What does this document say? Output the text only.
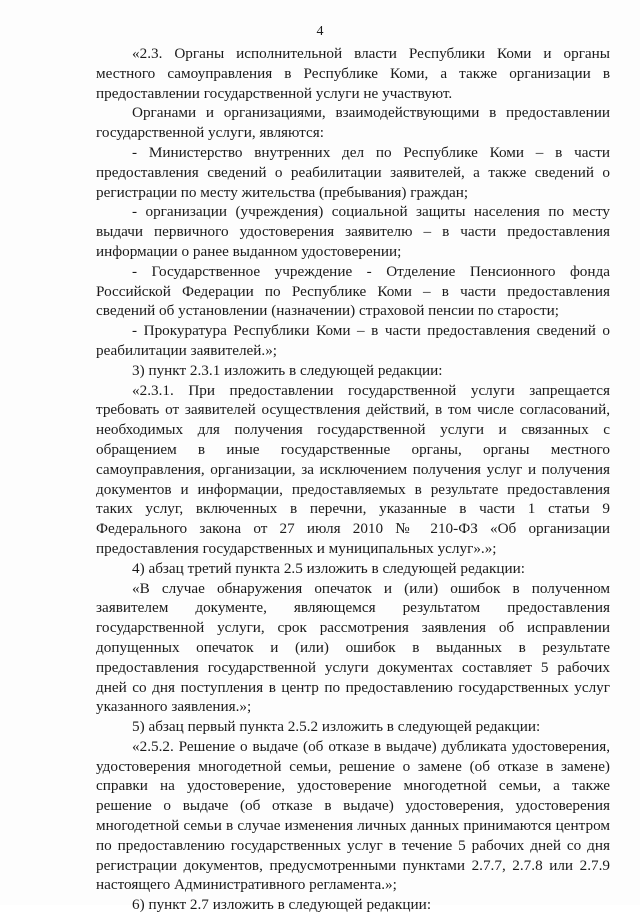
4

«2.3. Органы исполнительной власти Республики Коми и органы местного самоуправления в Республике Коми, а также организации в предоставлении государственной услуги не участвуют.

Органами и организациями, взаимодействующими в предоставлении государственной услуги, являются:

- Министерство внутренних дел по Республике Коми – в части предоставления сведений о реабилитации заявителей, а также сведений о регистрации по месту жительства (пребывания) граждан;

- организации (учреждения) социальной защиты населения по месту выдачи первичного удостоверения заявителю – в части предоставления информации о ранее выданном удостоверении;

- Государственное учреждение - Отделение Пенсионного фонда Российской Федерации по Республике Коми – в части предоставления сведений об установлении (назначении) страховой пенсии по старости;

- Прокуратура Республики Коми – в части предоставления сведений о реабилитации заявителей.»;

3) пункт 2.3.1 изложить в следующей редакции:

«2.3.1. При предоставлении государственной услуги запрещается требовать от заявителей осуществления действий, в том числе согласований, необходимых для получения государственной услуги и связанных с обращением в иные государственные органы, органы местного самоуправления, организации, за исключением получения услуг и получения документов и информации, предоставляемых в результате предоставления таких услуг, включенных в перечни, указанные в части 1 статьи 9 Федерального закона от 27 июля 2010 № 210-ФЗ «Об организации предоставления государственных и муниципальных услуг».»;

4) абзац третий пункта 2.5 изложить в следующей редакции:

«В случае обнаружения опечаток и (или) ошибок в полученном заявителем документе, являющемся результатом предоставления государственной услуги, срок рассмотрения заявления об исправлении допущенных опечаток и (или) ошибок в выданных в результате предоставления государственной услуги документах составляет 5 рабочих дней со дня поступления в центр по предоставлению государственных услуг указанного заявления.»;

5) абзац первый пункта 2.5.2 изложить в следующей редакции:

«2.5.2. Решение о выдаче (об отказе в выдаче) дубликата удостоверения, удостоверения многодетной семьи, решение о замене (об отказе в замене) справки на удостоверение, удостоверение многодетной семьи, а также решение о выдаче (об отказе в выдаче) удостоверения, удостоверения многодетной семьи в случае изменения личных данных принимаются центром по предоставлению государственных услуг в течение 5 рабочих дней со дня регистрации документов, предусмотренными пунктами 2.7.7, 2.7.8 или 2.7.9 настоящего Административного регламента.»;

6) пункт 2.7 изложить в следующей редакции:
